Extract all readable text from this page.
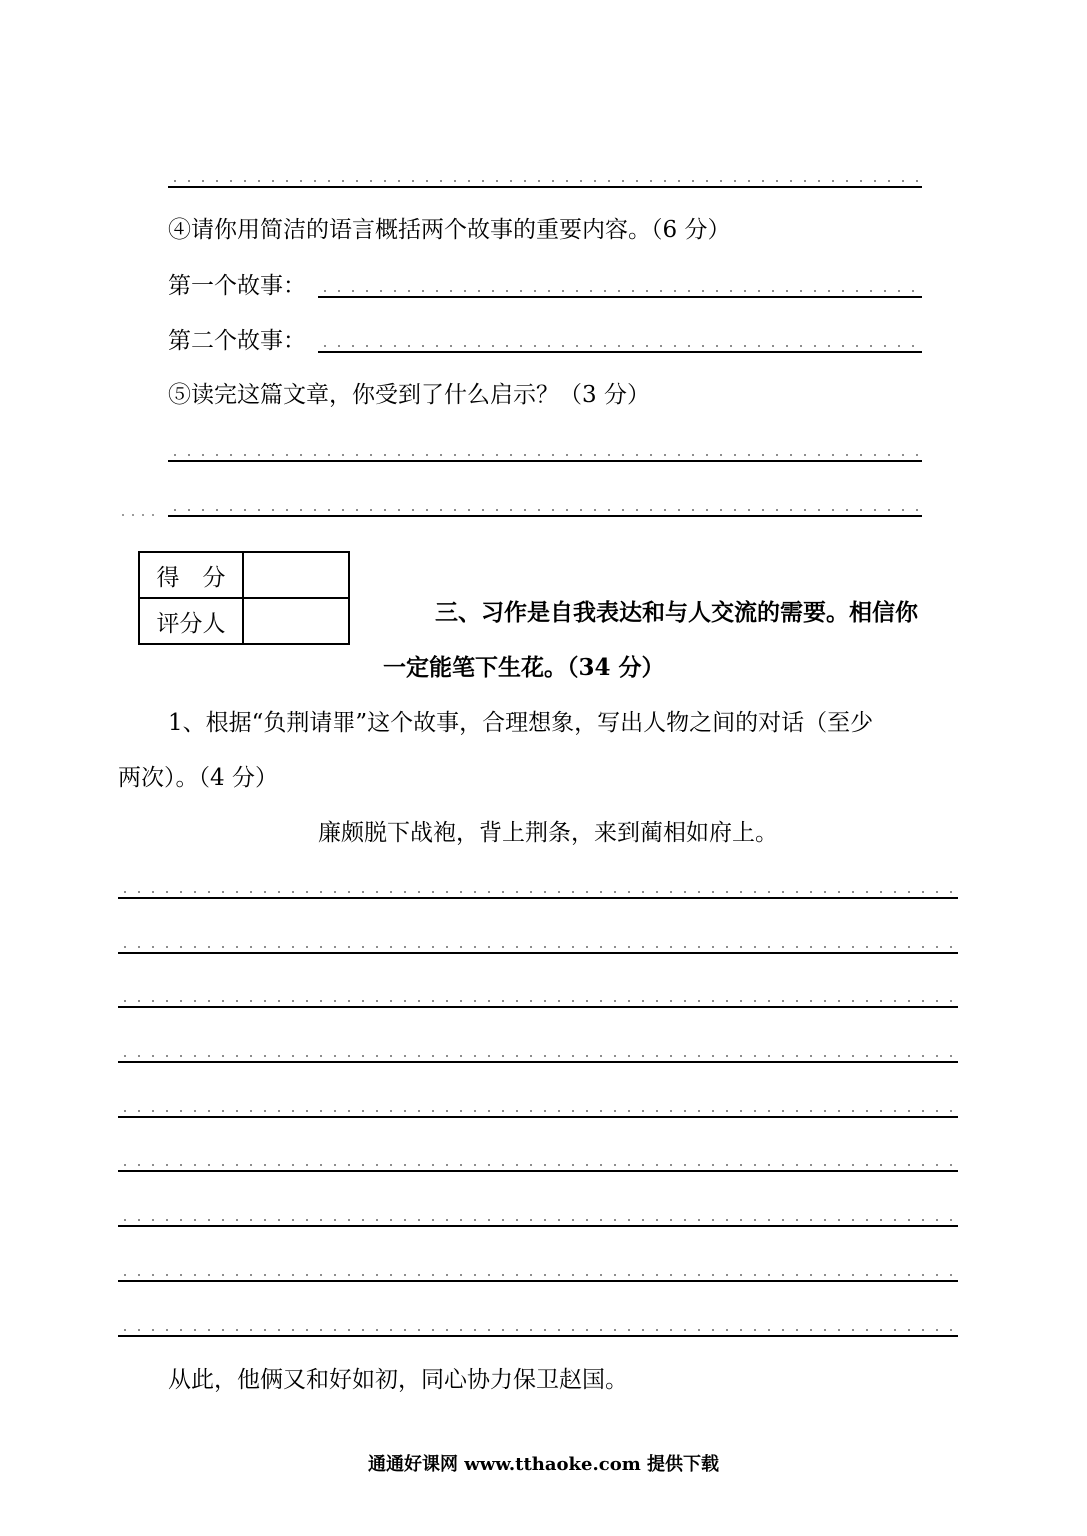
④请你用简洁的语言概括两个故事的重要内容。（6 分）
第一个故事：
第二个故事：
⑤读完这篇文章，你受到了什么启示？（3 分）
得　分	
评分人		三、习作是自我表达和与人交流的需要。相信你
一定能笔下生花。（34 分）
1、根据“负荆请罪”这个故事，合理想象，写出人物之间的对话（至少
两次）。（4 分）
廉颇脱下战袍，背上荆条，来到蔺相如府上。
从此，他俩又和好如初，同心协力保卫赵国。
通通好课网 www.tthaoke.com 提供下载
